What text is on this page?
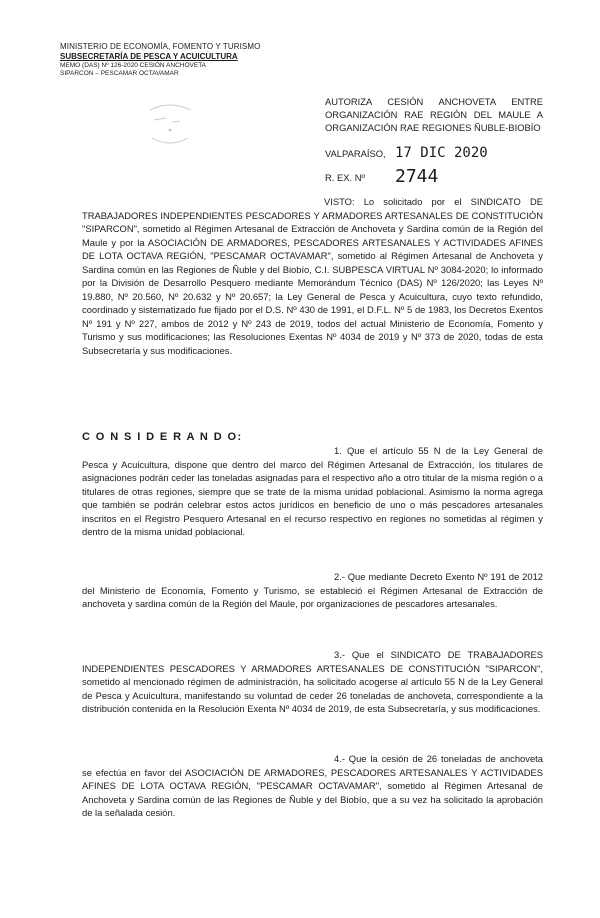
MINISTERIO DE ECONOMÍA, FOMENTO Y TURISMO
SUBSECRETARÍA DE PESCA Y ACUICULTURA
MEMO (DAS) Nº 126-2020 CESIÓN ANCHOVETA
SIPARCON – PESCAMAR OCTAVAMAR
AUTORIZA CESIÓN ANCHOVETA ENTRE ORGANIZACIÓN RAE REGIÓN DEL MAULE A ORGANIZACIÓN RAE REGIONES ÑUBLE-BIOBÍO
VALPARAÍSO, 17 DIC 2020
R. EX. Nº 2744
VISTO: Lo solicitado por el SINDICATO DE TRABAJADORES INDEPENDIENTES PESCADORES Y ARMADORES ARTESANALES DE CONSTITUCIÓN "SIPARCON", sometido al Régimen Artesanal de Extracción de Anchoveta y Sardina común de la Región del Maule y por la ASOCIACIÓN DE ARMADORES, PESCADORES ARTESANALES Y ACTIVIDADES AFINES DE LOTA OCTAVA REGIÓN, "PESCAMAR OCTAVAMAR", sometido al Régimen Artesanal de Anchoveta y Sardina común en las Regiones de Ñuble y del Biobío, C.I. SUBPESCA VIRTUAL Nº 3084-2020; lo informado por la División de Desarrollo Pesquero mediante Memorándum Técnico (DAS) Nº 126/2020; las Leyes Nº 19.880, Nº 20.560, Nº 20.632 y Nº 20.657; la Ley General de Pesca y Acuicultura, cuyo texto refundido, coordinado y sistematizado fue fijado por el D.S. Nº 430 de 1991, el D.F.L. Nº 5 de 1983, los Decretos Exentos Nº 191 y Nº 227, ambos de 2012 y Nº 243 de 2019, todos del actual Ministerio de Economía, Fomento y Turismo y sus modificaciones; las Resoluciones Exentas Nº 4034 de 2019 y Nº 373 de 2020, todas de esta Subsecretaría y sus modificaciones.
C O N S I D E R A N D O:
1. Que el artículo 55 N de la Ley General de Pesca y Acuicultura, dispone que dentro del marco del Régimen Artesanal de Extracción, los titulares de asignaciones podrán ceder las toneladas asignadas para el respectivo año a otro titular de la misma región o a titulares de otras regiones, siempre que se trate de la misma unidad poblacional. Asimismo la norma agrega que también se podrán celebrar estos actos jurídicos en beneficio de uno o más pescadores artesanales inscritos en el Registro Pesquero Artesanal en el recurso respectivo en regiones no sometidas al régimen y dentro de la misma unidad poblacional.
2.- Que mediante Decreto Exento Nº 191 de 2012 del Ministerio de Economía, Fomento y Turismo, se estableció el Régimen Artesanal de Extracción de anchoveta y sardina común de la Región del Maule, por organizaciones de pescadores artesanales.
3.- Que el SINDICATO DE TRABAJADORES INDEPENDIENTES PESCADORES Y ARMADORES ARTESANALES DE CONSTITUCIÓN "SIPARCON", sometido al mencionado régimen de administración, ha solicitado acogerse al artículo 55 N de la Ley General de Pesca y Acuicultura, manifestando su voluntad de ceder 26 toneladas de anchoveta, correspondiente a la distribución contenida en la Resolución Exenta Nº 4034 de 2019, de esta Subsecretaría, y sus modificaciones.
4.- Que la cesión de 26 toneladas de anchoveta se efectúa en favor del ASOCIACIÓN DE ARMADORES, PESCADORES ARTESANALES Y ACTIVIDADES AFINES DE LOTA OCTAVA REGIÓN, "PESCAMAR OCTAVAMAR", sometido al Régimen Artesanal de Anchoveta y Sardina común de las Regiones de Ñuble y del Biobío, que a su vez ha solicitado la aprobación de la señalada cesión.
